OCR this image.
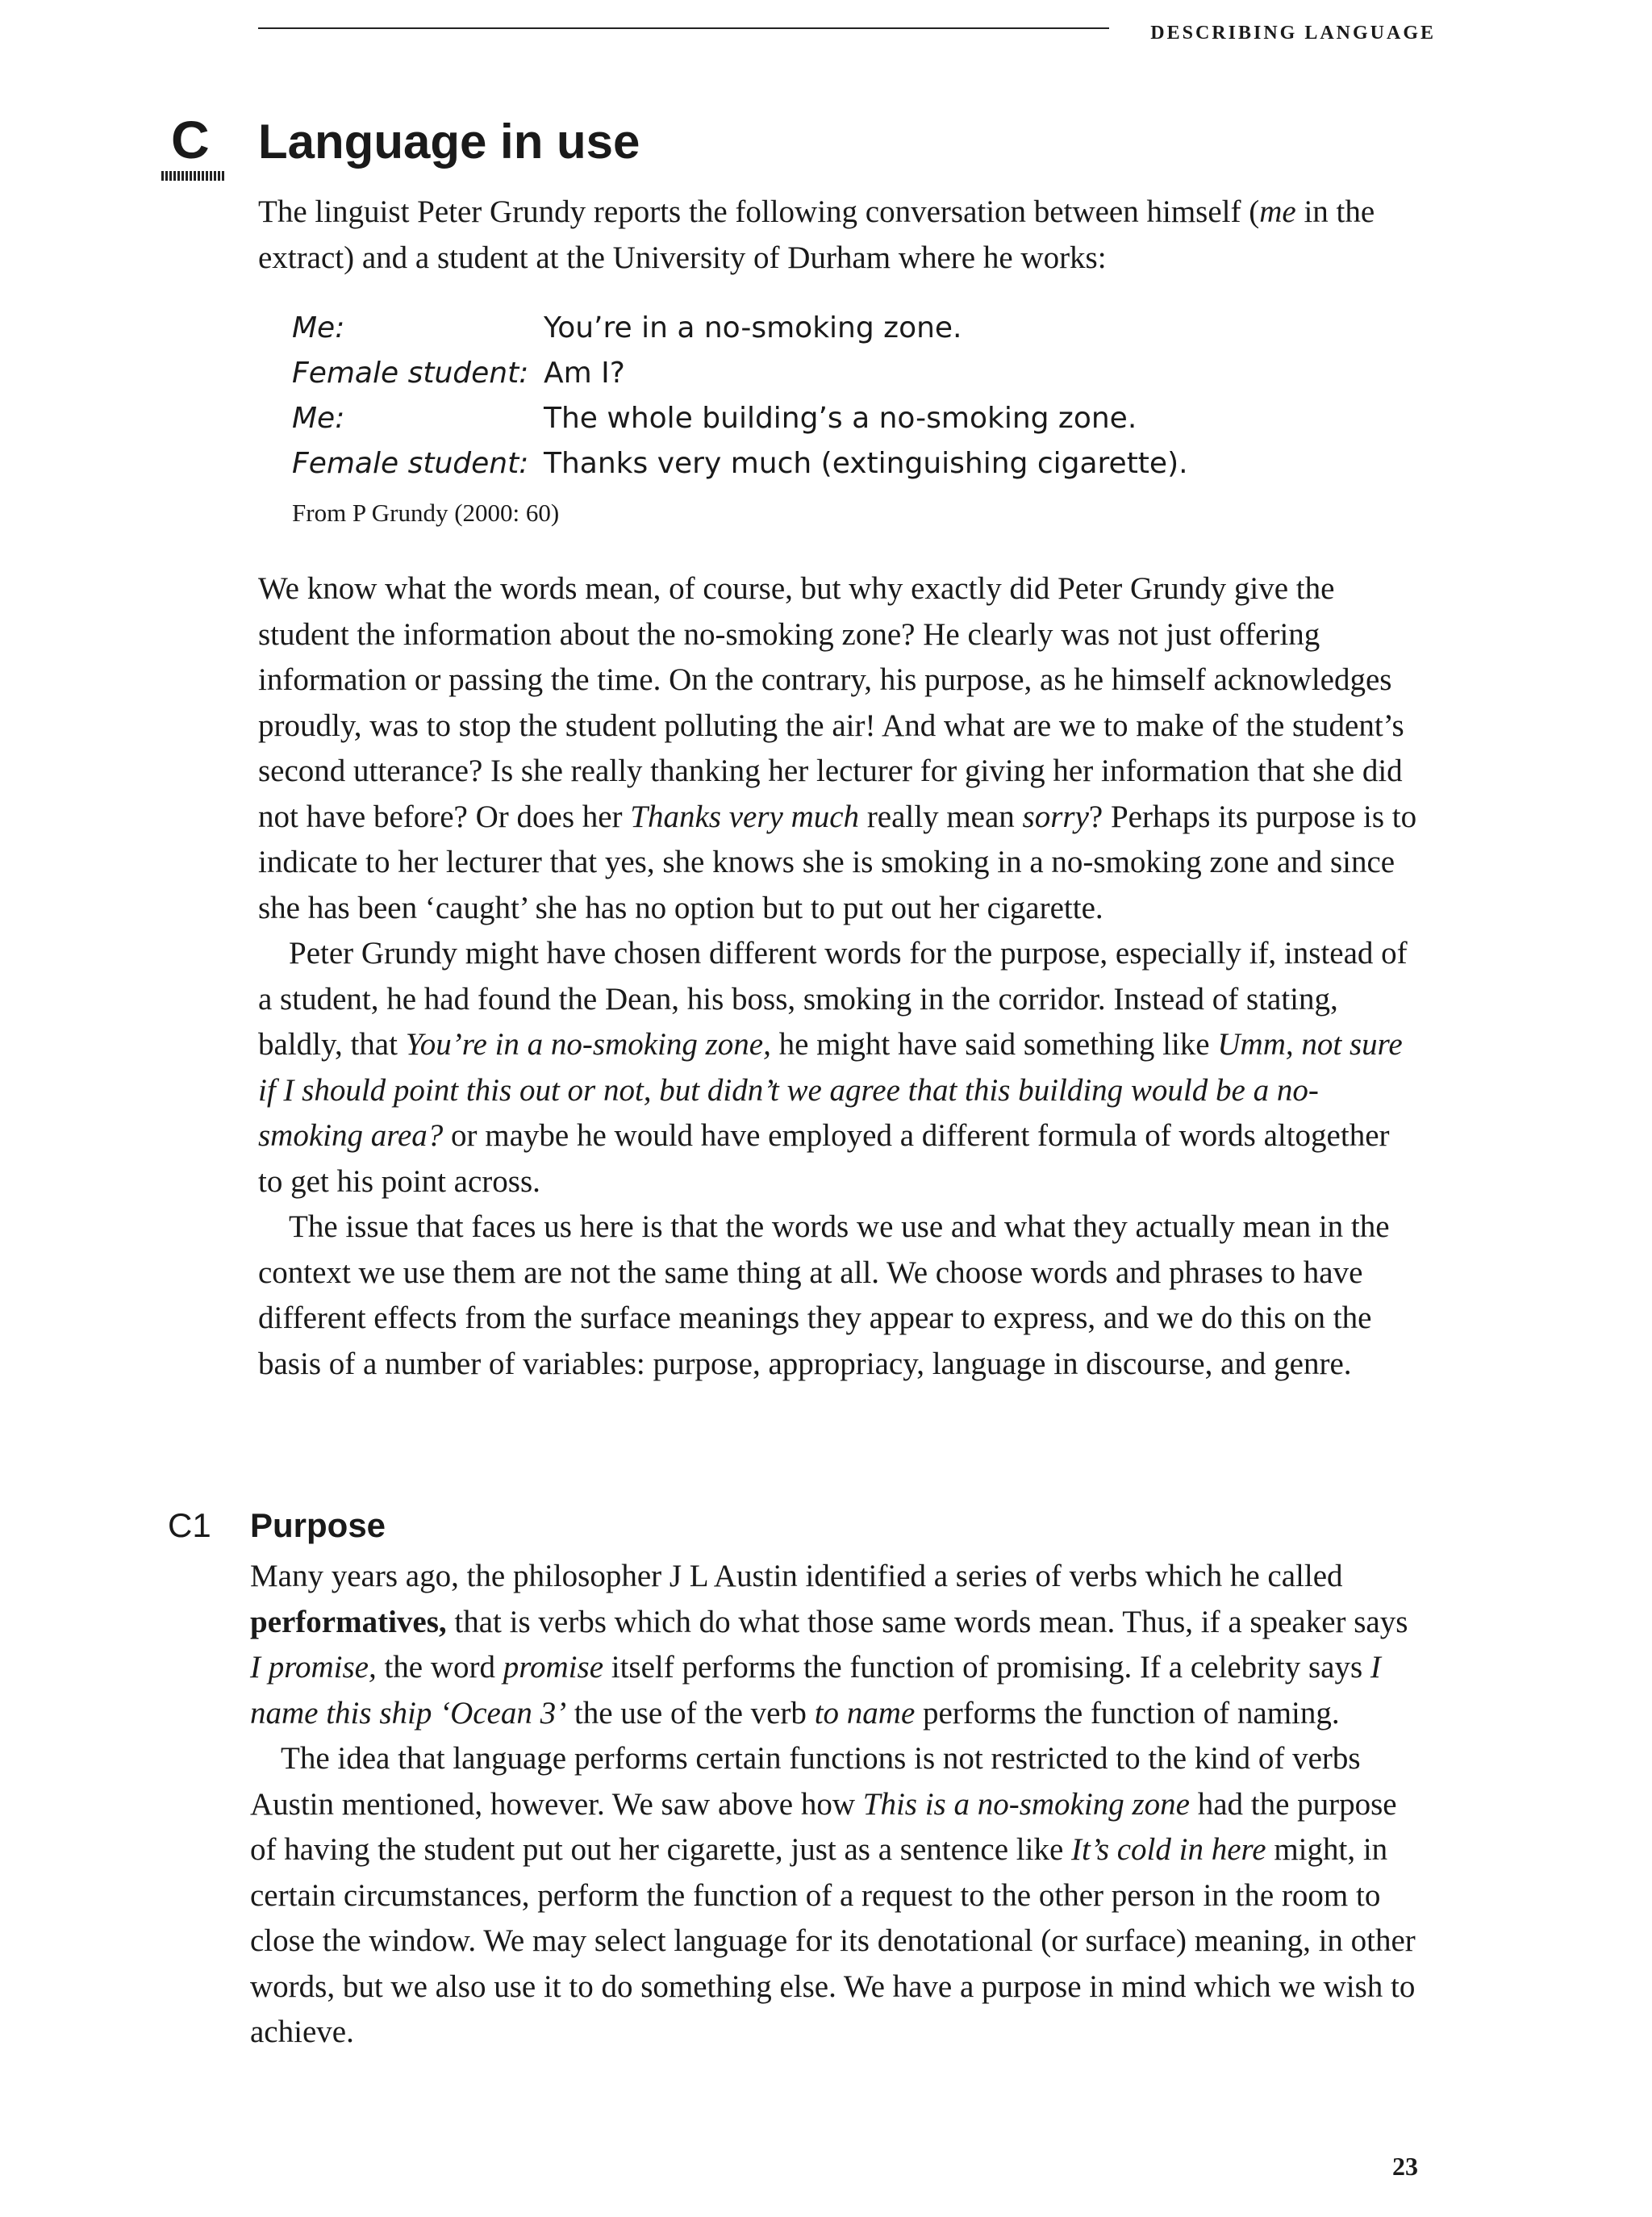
DESCRIBING LANGUAGE
C Language in use

The linguist Peter Grundy reports the following conversation between himself (me in the extract) and a student at the University of Durham where he works:

Me:	You’re in a no-smoking zone.
Female student: Am I?
Me:	The whole building’s a no-smoking zone.
Female student: Thanks very much (extinguishing cigarette).
From P Grundy (2000: 60)

We know what the words mean, of course, but why exactly did Peter Grundy give the student the information about the no-smoking zone? He clearly was not just offering information or passing the time. On the contrary, his purpose, as he himself acknowledges proudly, was to stop the student polluting the air! And what are we to make of the student’s second utterance? Is she really thanking her lecturer for giving her information that she did not have before? Or does her Thanks very much really mean sorry? Perhaps its purpose is to indicate to her lecturer that yes, she knows she is smoking in a no-smoking zone and since she has been ‘caught’ she has no option but to put out her cigarette.

Peter Grundy might have chosen different words for the purpose, especially if, instead of a student, he had found the Dean, his boss, smoking in the corridor. Instead of stating, baldly, that You’re in a no-smoking zone, he might have said something like Umm, not sure if I should point this out or not, but didn’t we agree that this building would be a no-smoking area? or maybe he would have employed a different formula of words altogether to get his point across.

The issue that faces us here is that the words we use and what they actually mean in the context we use them are not the same thing at all. We choose words and phrases to have different effects from the surface meanings they appear to express, and we do this on the basis of a number of variables: purpose, appropriacy, language in discourse, and genre.

C1 Purpose

Many years ago, the philosopher J L Austin identified a series of verbs which he called performatives, that is verbs which do what those same words mean. Thus, if a speaker says I promise, the word promise itself performs the function of promising. If a celebrity says I name this ship ‘Ocean 3’ the use of the verb to name performs the function of naming.

The idea that language performs certain functions is not restricted to the kind of verbs Austin mentioned, however. We saw above how This is a no-smoking zone had the purpose of having the student put out her cigarette, just as a sentence like It’s cold in here might, in certain circumstances, perform the function of a request to the other person in the room to close the window. We may select language for its denotational (or surface) meaning, in other words, but we also use it to do something else. We have a purpose in mind which we wish to achieve.

23
